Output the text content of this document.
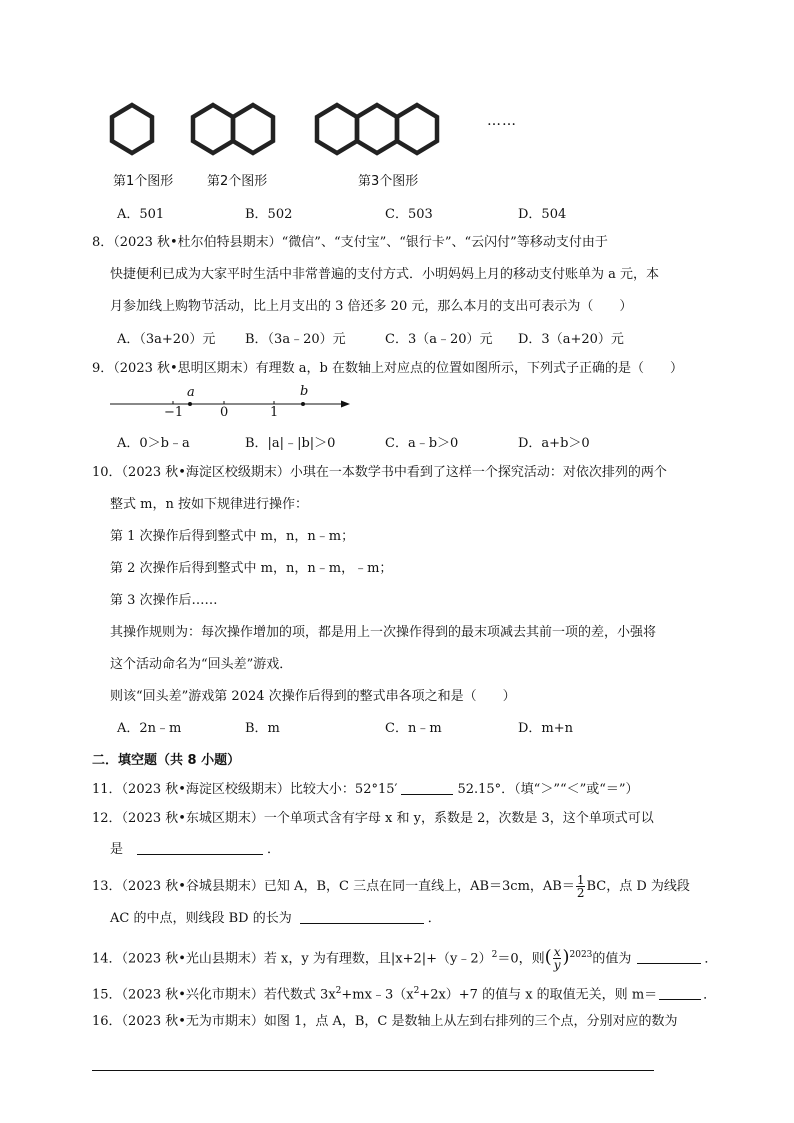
……
第1个图形	第2个图形	第3个图形
A．501	B．502	C．503	D．504
8．（2023 秋•杜尔伯特县期末）“微信”、“支付宝”、“银行卡”、“云闪付”等移动支付由于
快捷便利已成为大家平时生活中非常普遍的支付方式．小明妈妈上月的移动支付账单为 a 元，本
月参加线上购物节活动，比上月支出的 3 倍还多 20 元，那么本月的支出可表示为（　　）
A．（3a+20）元 B．（3a﹣20）元	C．3（a﹣20）元 D．3（a+20）元
9．（2023 秋•思明区期末）有理数 a，b 在数轴上对应点的位置如图所示，下列式子正确的是（　　）
a	b
−1	0	1
A．0＞b﹣a	B．|a|﹣|b|＞0	C．a﹣b＞0	D．a+b＞0
10．（2023 秋•海淀区校级期末）小琪在一本数学书中看到了这样一个探究活动：对依次排列的两个
整式 m，n 按如下规律进行操作：
第 1 次操作后得到整式中 m，n，n﹣m；
第 2 次操作后得到整式中 m，n，n﹣m，﹣m；
第 3 次操作后……
其操作规则为：每次操作增加的项，都是用上一次操作得到的最末项减去其前一项的差，小强将
这个活动命名为“回头差”游戏．
则该“回头差”游戏第 2024 次操作后得到的整式串各项之和是（　　）
A．2n﹣m	B．m	C．n﹣m	D．m+n
二．填空题（共 8 小题）
11．（2023 秋•海淀区校级期末）比较大小：52°15′	52.15°．（填“＞”“＜”或“＝”）
12．（2023 秋•东城区期末）一个单项式含有字母 x 和 y，系数是 2，次数是 3，这个单项式可以
是	．
13．（2023 秋•谷城县期末）已知 A，B，C 三点在同一直线上，AB＝3cm，$AB= \frac{1}{2}$ BC，点 D 为线段
AC 的中点，则线段 BD 的长为	．
14．（2023 秋•光山县期末）若 x，y 为有理数，且|x+2|+（y﹣2）$^2$＝0，则( $\frac{x}{y} )^{2023}$的值为	．
15．（2023 秋•兴化市期末）若代数式 $3x^2+mx﹣3(x^2+2x)+7$ 的值与 x 的取值无关，则 m＝	．
16．（2023 秋•无为市期末）如图 1，点 A，B，C 是数轴上从左到右排列的三个点，分别对应的数为
